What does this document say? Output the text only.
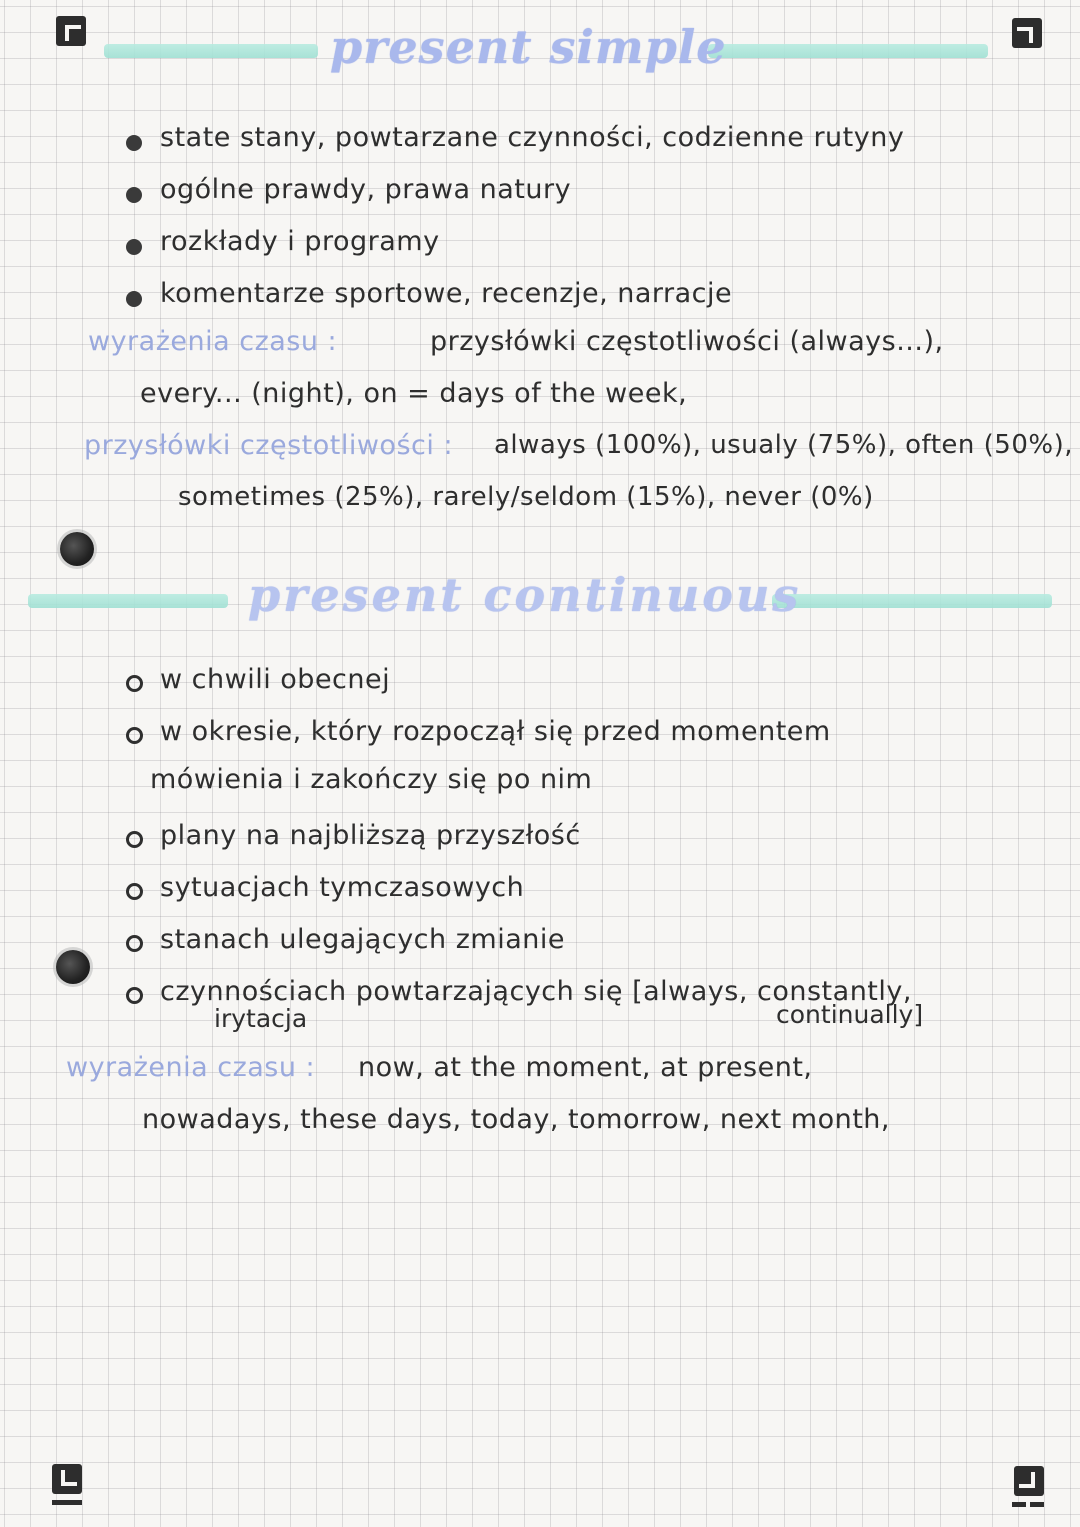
present simple
state stany, powtarzane czynności, codzienne rutyny
ogólne prawdy, prawa natury
rozkłady i programy
komentarze sportowe, recenzje, narracje

wyrażenia czasu :	przysłówki częstotliwości (always...),

every... (night), on = days of the week,

przysłówki częstotliwości : always (100%), usualy (75%), often (50%),

sometimes (25%), rarely/seldom (15%), never (0%)

present continuous
w chwili obecnej
w okresie, który rozpoczął się przed momentem

mówienia i zakończy się po nim

plany na najbliższą przyszłość
sytuacjach tymczasowych
stanach ulegających zmianie
czynnościach powtarzających się [always, constantly,

irytacja	continually]

wyrażenia czasu : now, at the moment, at present,

nowadays, these days, today, tomorrow, next month,
